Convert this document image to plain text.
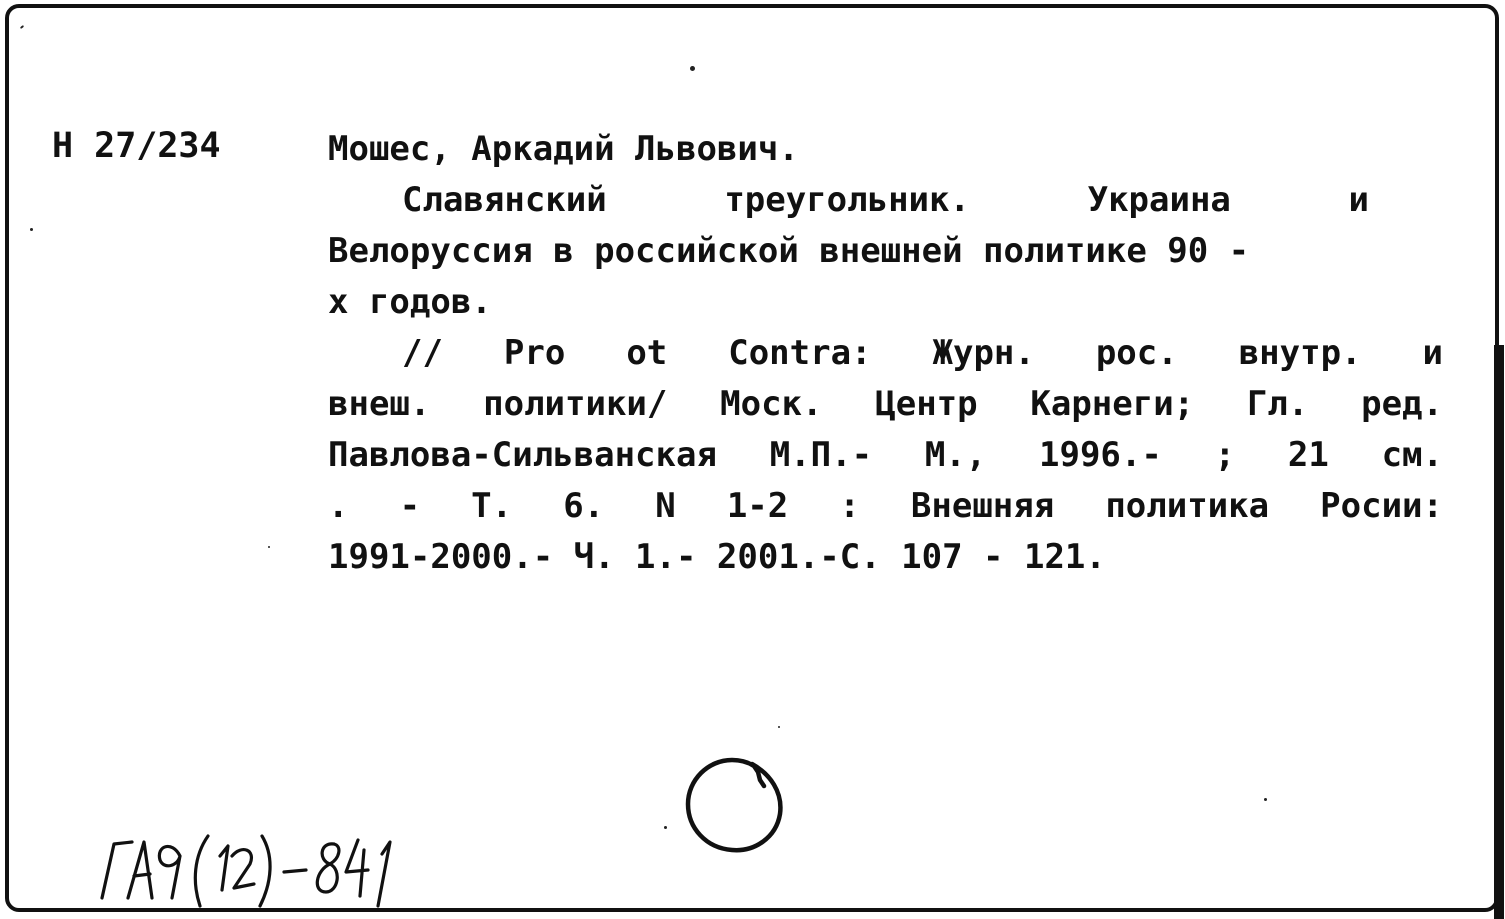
Н 27/234	Мошес, Аркадий Львович.
Славянский	треугольник.	Украина	и
Велоруссия в российской внешней политике 90 -
х годов.
// Pro ot Contra: Журн. рос. внутр. и
внеш. политики/ Моск. Центр Карнеги; Гл. ред.
Павлова-Сильванская М.П.- М., 1996.- ; 21 см.
. - Т. 6. N 1-2 : Внешняя политика Росии:
1991-2000.- Ч. 1.- 2001.-С. 107 - 121.
